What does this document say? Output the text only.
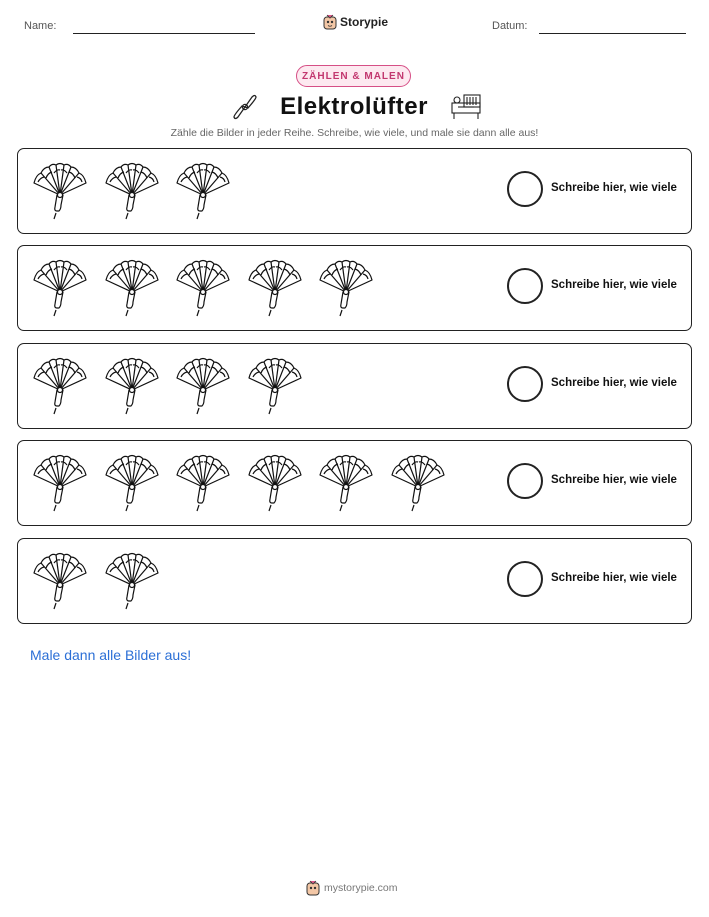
Name:	Storypie	Datum:
ZÄHLEN & MALEN
Elektrolüfter
Zähle die Bilder in jeder Reihe. Schreibe, wie viele, und male sie dann alle aus!
Schreibe hier, wie viele
Schreibe hier, wie viele
Schreibe hier, wie viele
Schreibe hier, wie viele
Schreibe hier, wie viele
Male dann alle Bilder aus!
mystorypie.com
